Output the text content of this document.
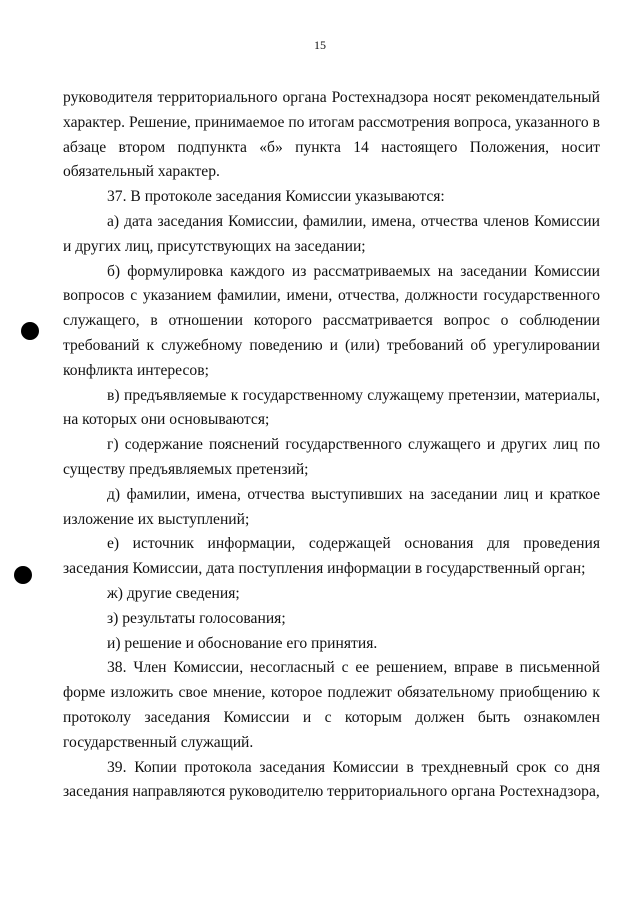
15

руководителя территориального органа Ростехнадзора носят рекомендательный характер. Решение, принимаемое по итогам рассмотрения вопроса, указанного в абзаце втором подпункта «б» пункта 14 настоящего Положения, носит обязательный характер.

37. В протоколе заседания Комиссии указываются:

а) дата заседания Комиссии, фамилии, имена, отчества членов Комиссии и других лиц, присутствующих на заседании;

б) формулировка каждого из рассматриваемых на заседании Комиссии вопросов с указанием фамилии, имени, отчества, должности государственного служащего, в отношении которого рассматривается вопрос о соблюдении требований к служебному поведению и (или) требований об урегулировании конфликта интересов;

в) предъявляемые к государственному служащему претензии, материалы, на которых они основываются;

г) содержание пояснений государственного служащего и других лиц по существу предъявляемых претензий;

д) фамилии, имена, отчества выступивших на заседании лиц и краткое изложение их выступлений;

е) источник информации, содержащей основания для проведения заседания Комиссии, дата поступления информации в государственный орган;

ж) другие сведения;

з) результаты голосования;

и) решение и обоснование его принятия.

38. Член Комиссии, несогласный с ее решением, вправе в письменной форме изложить свое мнение, которое подлежит обязательному приобщению к протоколу заседания Комиссии и с которым должен быть ознакомлен государственный служащий.

39. Копии протокола заседания Комиссии в трехдневный срок со дня заседания направляются руководителю территориального органа Ростехнадзора,
